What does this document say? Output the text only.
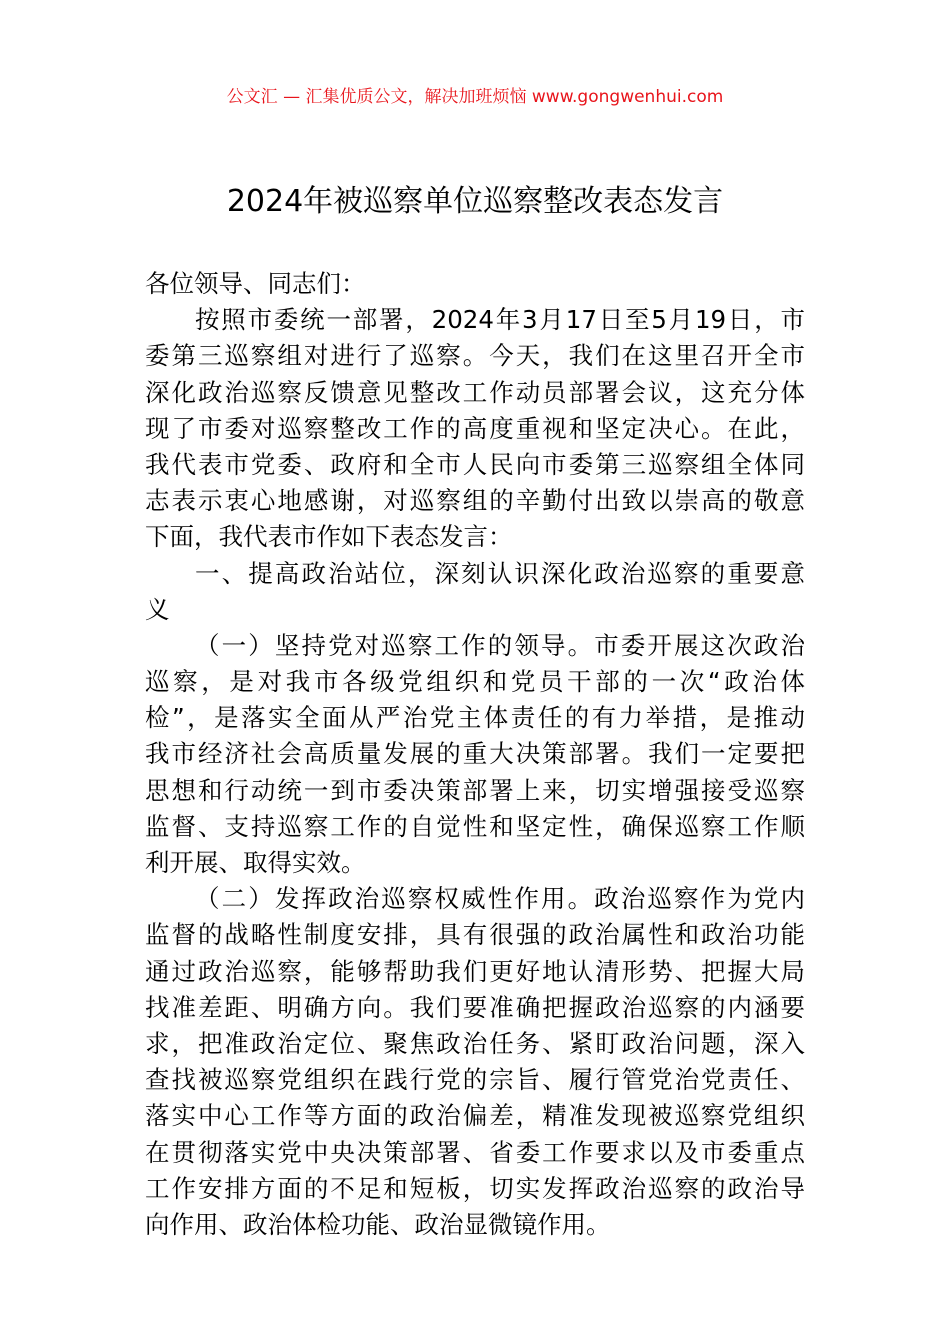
公文汇 — 汇集优质公文，解决加班烦恼 www.gongwenhui.com
2024年被巡察单位巡察整改表态发言
各位领导、同志们：
按照市委统一部署，2024年3月17日至5月19日，市
委第三巡察组对进行了巡察。今天，我们在这里召开全市
深化政治巡察反馈意见整改工作动员部署会议，这充分体
现了市委对巡察整改工作的高度重视和坚定决心。在此，
我代表市党委、政府和全市人民向市委第三巡察组全体同
志表示衷心地感谢，对巡察组的辛勤付出致以崇高的敬意
下面，我代表市作如下表态发言：
一、提高政治站位，深刻认识深化政治巡察的重要意
义
（一）坚持党对巡察工作的领导。市委开展这次政治
巡察，是对我市各级党组织和党员干部的一次“政治体
检”，是落实全面从严治党主体责任的有力举措，是推动
我市经济社会高质量发展的重大决策部署。我们一定要把
思想和行动统一到市委决策部署上来，切实增强接受巡察
监督、支持巡察工作的自觉性和坚定性，确保巡察工作顺
利开展、取得实效。
（二）发挥政治巡察权威性作用。政治巡察作为党内
监督的战略性制度安排，具有很强的政治属性和政治功能
通过政治巡察，能够帮助我们更好地认清形势、把握大局
找准差距、明确方向。我们要准确把握政治巡察的内涵要
求，把准政治定位、聚焦政治任务、紧盯政治问题，深入
查找被巡察党组织在践行党的宗旨、履行管党治党责任、
落实中心工作等方面的政治偏差，精准发现被巡察党组织
在贯彻落实党中央决策部署、省委工作要求以及市委重点
工作安排方面的不足和短板，切实发挥政治巡察的政治导
向作用、政治体检功能、政治显微镜作用。
